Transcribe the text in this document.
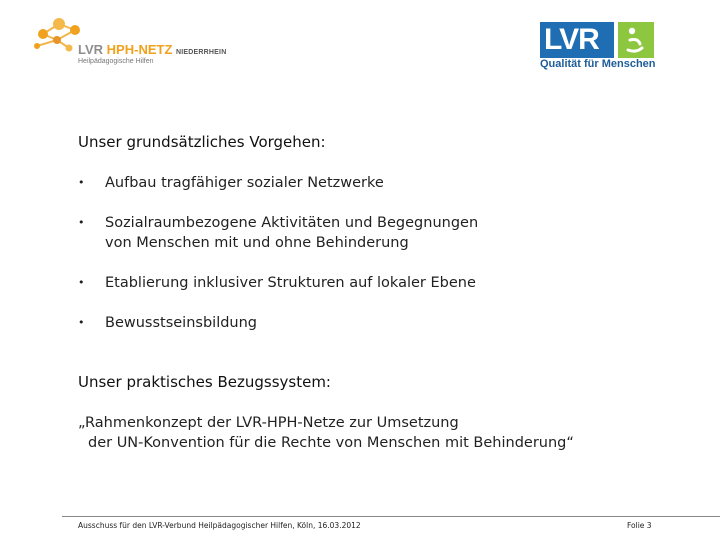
LVR HPH-NETZ NIEDERRHEIN
Heilpädagogische Hilfen
LVR
Qualität für Menschen
Unser grundsätzliches Vorgehen:
• Aufbau tragfähiger sozialer Netzwerke
• Sozialraumbezogene Aktivitäten und Begegnungen
von Menschen mit und ohne Behinderung
• Etablierung inklusiver Strukturen auf lokaler Ebene
• Bewusstseinsbildung
Unser praktisches Bezugssystem:
„Rahmenkonzept der LVR-HPH-Netze zur Umsetzung
der UN-Konvention für die Rechte von Menschen mit Behinderung“
Ausschuss für den LVR-Verbund Heilpädagogischer Hilfen, Köln, 16.03.2012	Folie 3
